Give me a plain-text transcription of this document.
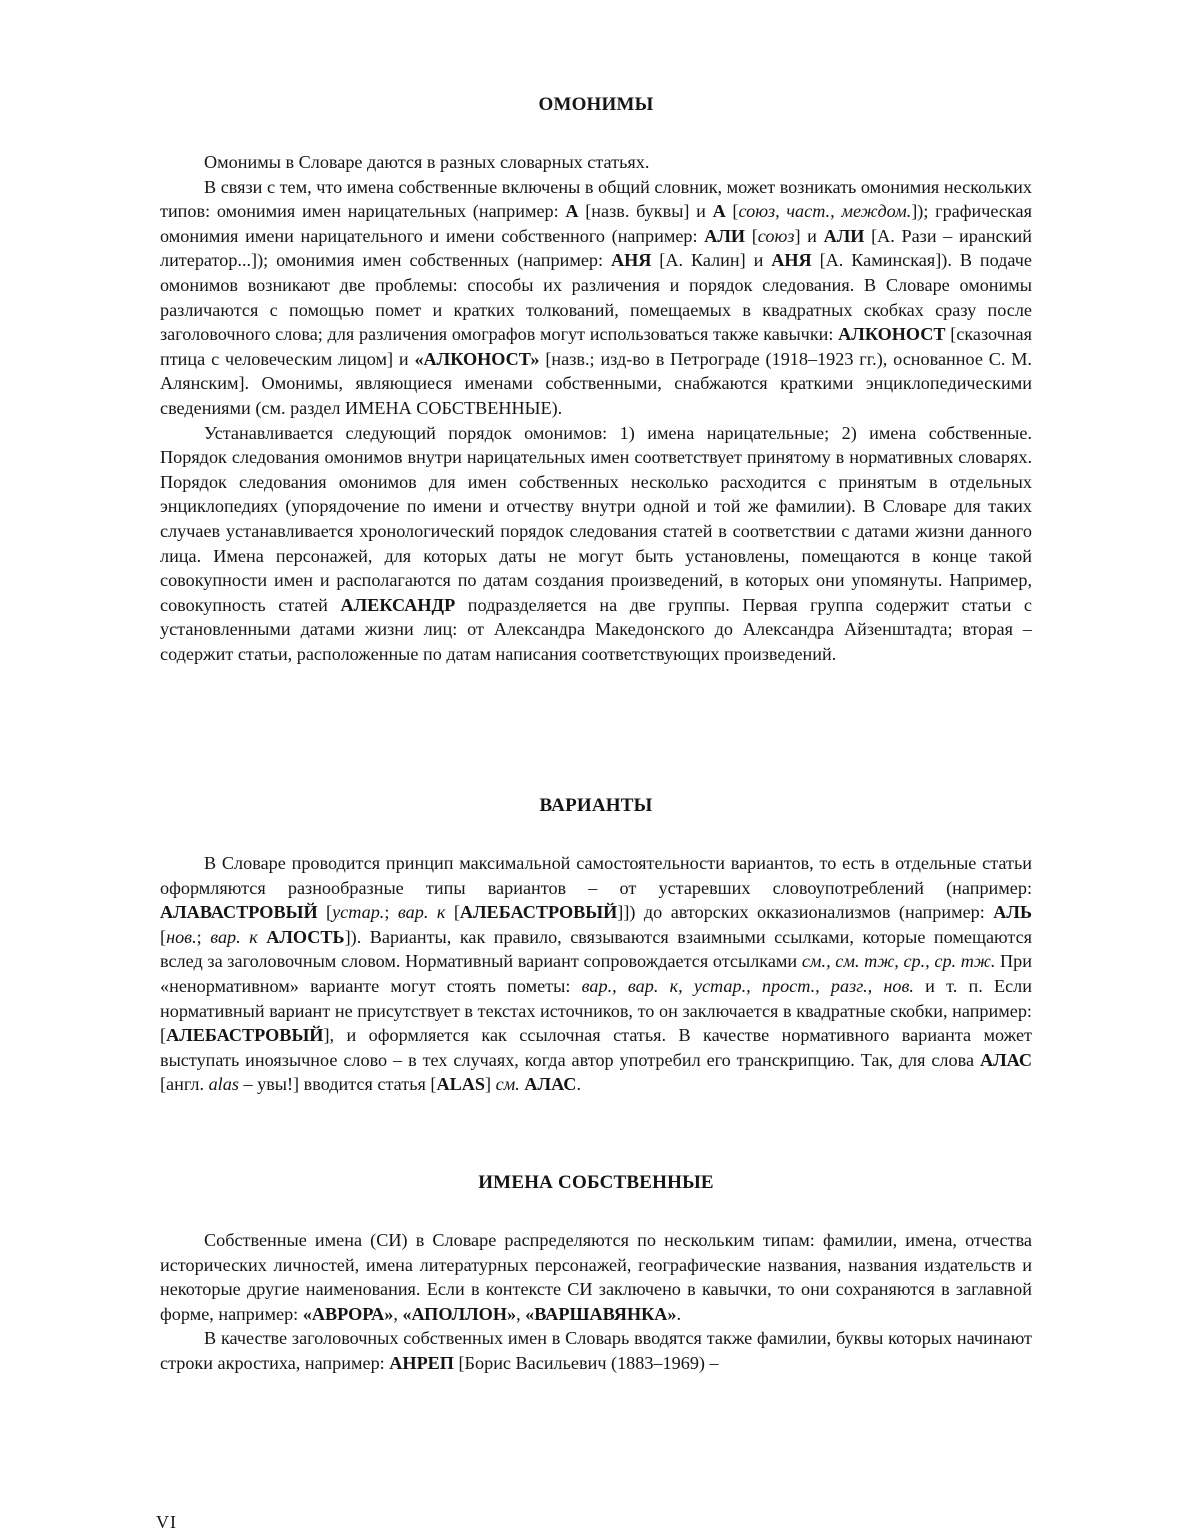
ОМОНИМЫ

Омонимы в Словаре даются в разных словарных статьях.

В связи с тем, что имена собственные включены в общий словник, может возникать омонимия нескольких типов: омонимия имен нарицательных (например: А [назв. буквы] и А [союз, част., междом.]); графическая омонимия имени нарицательного и имени собственного (например: АЛИ [союз] и АЛИ [А. Рази – иранский литератор...]); омонимия имен собственных (например: АНЯ [А. Калин] и АНЯ [А. Каминская]). В подаче омонимов возникают две проблемы: способы их различения и порядок следования. В Словаре омонимы различаются с помощью помет и кратких толкований, помещаемых в квадратных скобках сразу после заголовочного слова; для различения омографов могут использоваться также кавычки: АЛКОНОСТ [сказочная птица с человеческим лицом] и «АЛКОНОСТ» [назв.; изд-во в Петрограде (1918–1923 гг.), основанное С. М. Алянским]. Омонимы, являющиеся именами собственными, снабжаются краткими энциклопедическими сведениями (см. раздел ИМЕНА СОБСТВЕННЫЕ).

Устанавливается следующий порядок омонимов: 1) имена нарицательные; 2) имена собственные. Порядок следования омонимов внутри нарицательных имен соответствует принятому в нормативных словарях. Порядок следования омонимов для имен собственных несколько расходится с принятым в отдельных энциклопедиях (упорядочение по имени и отчеству внутри одной и той же фамилии). В Словаре для таких случаев устанавливается хронологический порядок следования статей в соответствии с датами жизни данного лица. Имена персонажей, для которых даты не могут быть установлены, помещаются в конце такой совокупности имен и располагаются по датам создания произведений, в которых они упомянуты. Например, совокупность статей АЛЕКСАНДР подразделяется на две группы. Первая группа содержит статьи с установленными датами жизни лиц: от Александра Македонского до Александра Айзенштадта; вторая – содержит статьи, расположенные по датам написания соответствующих произведений.

ВАРИАНТЫ

В Словаре проводится принцип максимальной самостоятельности вариантов, то есть в отдельные статьи оформляются разнообразные типы вариантов – от устаревших словоупотреблений (например: АЛАВАСТРОВЫЙ [устар.; вар. к [АЛЕБАСТРОВЫЙ]]) до авторских окказионализмов (например: АЛЬ [нов.; вар. к АЛОСТЬ]). Варианты, как правило, связываются взаимными ссылками, которые помещаются вслед за заголовочным словом. Нормативный вариант сопровождается отсылками см., см. тж, ср., ср. тж. При «ненормативном» варианте могут стоять пометы: вар., вар. к, устар., прост., разг., нов. и т. п. Если нормативный вариант не присутствует в текстах источников, то он заключается в квадратные скобки, например: [АЛЕБАСТРОВЫЙ], и оформляется как ссылочная статья. В качестве нормативного варианта может выступать иноязычное слово – в тех случаях, когда автор употребил его транскрипцию. Так, для слова АЛАС [англ. alas – увы!] вводится статья [ALAS] см. АЛАС.

ИМЕНА СОБСТВЕННЫЕ

Собственные имена (СИ) в Словаре распределяются по нескольким типам: фамилии, имена, отчества исторических личностей, имена литературных персонажей, географические названия, названия издательств и некоторые другие наименования. Если в контексте СИ заключено в кавычки, то они сохраняются в заглавной форме, например: «АВРОРА», «АПОЛЛОН», «ВАРШАВЯНКА».

В качестве заголовочных собственных имен в Словарь вводятся также фамилии, буквы которых начинают строки акростиха, например: АНРЕП [Борис Васильевич (1883–1969) –

VI
